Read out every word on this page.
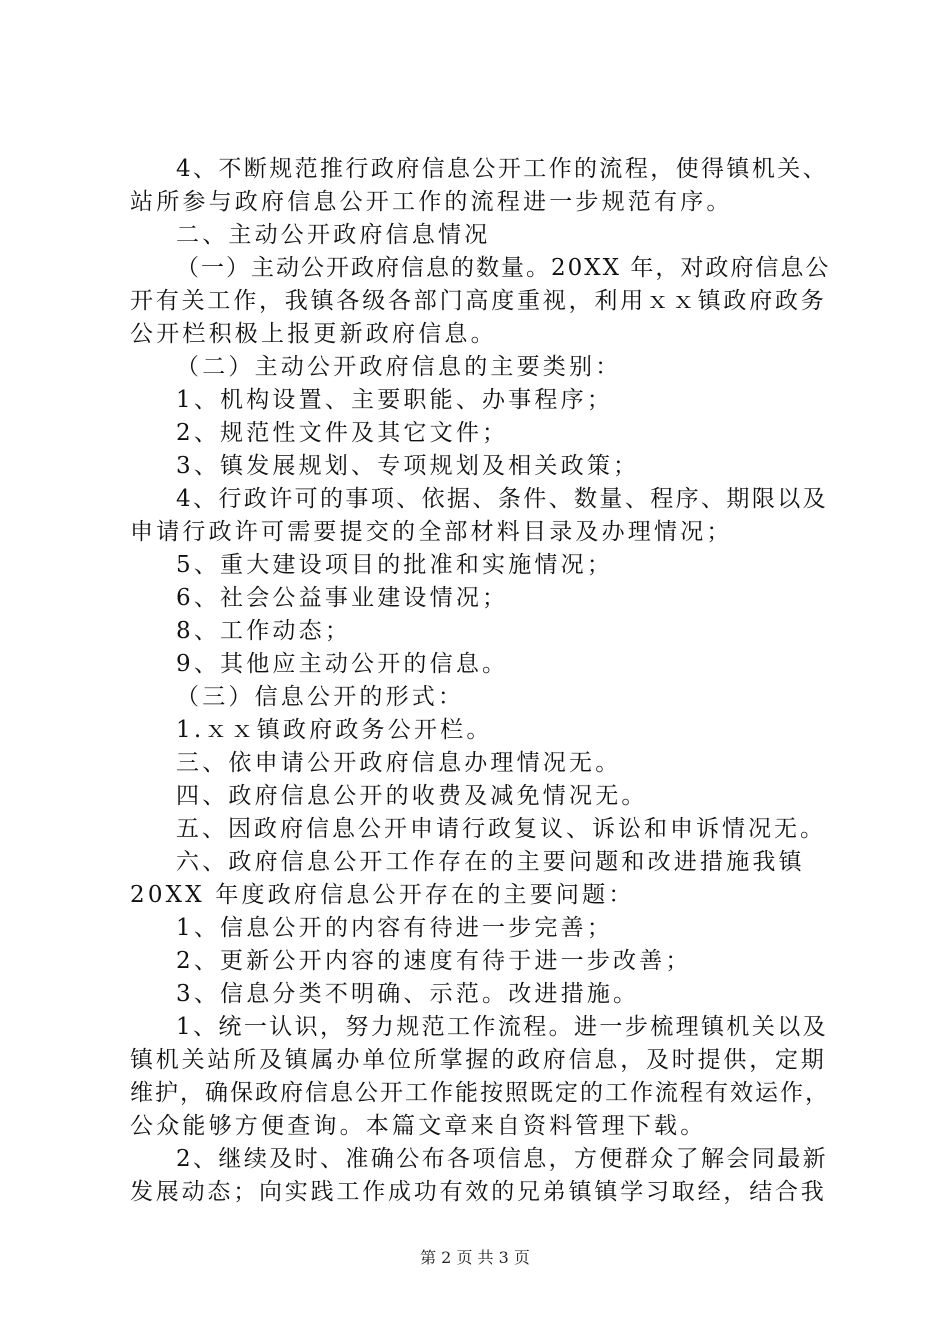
4、不断规范推行政府信息公开工作的流程，使得镇机关、

站所参与政府信息公开工作的流程进一步规范有序。

二、主动公开政府信息情况

（一）主动公开政府信息的数量。20XX 年，对政府信息公

开有关工作，我镇各级各部门高度重视，利用ｘｘ镇政府政务

公开栏积极上报更新政府信息。

（二）主动公开政府信息的主要类别：

1、机构设置、主要职能、办事程序；

2、规范性文件及其它文件；

3、镇发展规划、专项规划及相关政策；

4、行政许可的事项、依据、条件、数量、程序、期限以及

申请行政许可需要提交的全部材料目录及办理情况；

5、重大建设项目的批准和实施情况；

6、社会公益事业建设情况；

8、工作动态；

9、其他应主动公开的信息。

（三）信息公开的形式：

1.ｘｘ镇政府政务公开栏。

三、依申请公开政府信息办理情况无。

四、政府信息公开的收费及减免情况无。

五、因政府信息公开申请行政复议、诉讼和申诉情况无。

六、政府信息公开工作存在的主要问题和改进措施我镇

20XX 年度政府信息公开存在的主要问题：

1、信息公开的内容有待进一步完善；

2、更新公开内容的速度有待于进一步改善；

3、信息分类不明确、示范。改进措施。

1、统一认识，努力规范工作流程。进一步梳理镇机关以及

镇机关站所及镇属办单位所掌握的政府信息，及时提供，定期

维护，确保政府信息公开工作能按照既定的工作流程有效运作，

公众能够方便查询。本篇文章来自资料管理下载。

2、继续及时、准确公布各项信息，方便群众了解会同最新

发展动态；向实践工作成功有效的兄弟镇镇学习取经，结合我

第 2 页 共 3 页
